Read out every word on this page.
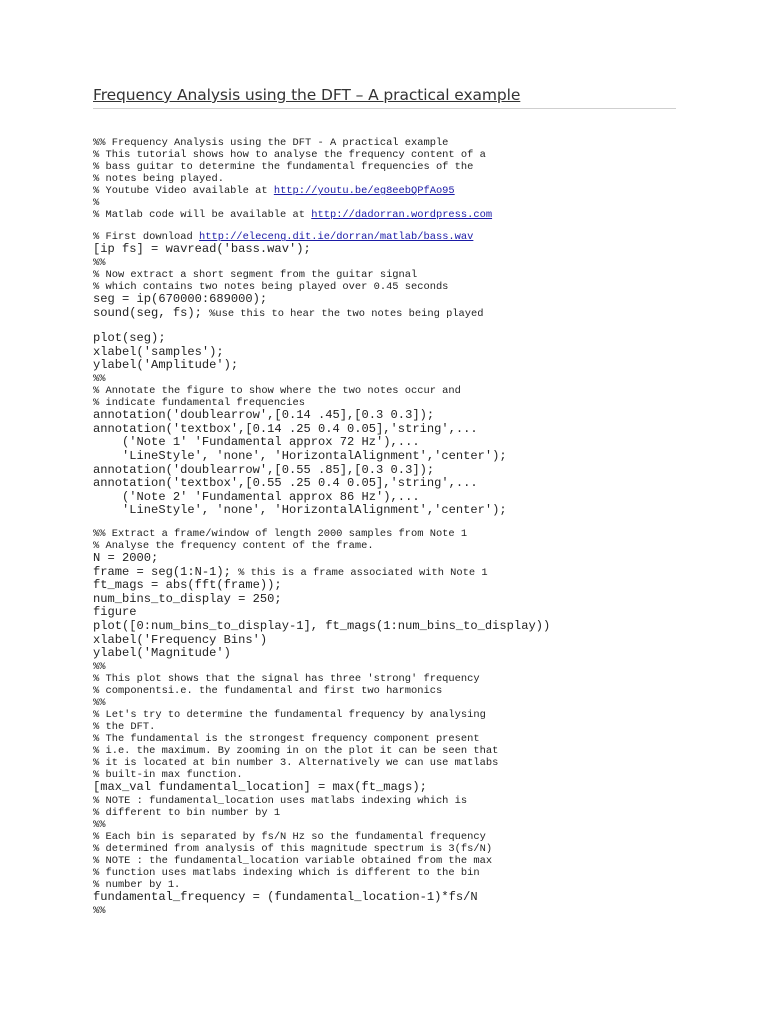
Frequency Analysis using the DFT – A practical example
%% Frequency Analysis using the DFT - A practical example
% This tutorial shows how to analyse the frequency content of a
% bass guitar to determine the fundamental frequencies of the
% notes being played.
% Youtube Video available at http://youtu.be/eg8eebQPfAo95
%
% Matlab code will be available at http://dadorran.wordpress.com
% First download http://eleceng.dit.ie/dorran/matlab/bass.wav
[ip fs] = wavread('bass.wav');
%%
% Now extract a short segment from the guitar signal
% which contains two notes being played over 0.45 seconds
seg = ip(670000:689000);
sound(seg, fs); %use this to hear the two notes being played
plot(seg);
xlabel('samples');
ylabel('Amplitude');
%%
% Annotate the figure to show where the two notes occur and
% indicate fundamental frequencies
annotation('doublearrow',[0.14 .45],[0.3 0.3]);
annotation('textbox',[0.14 .25 0.4 0.05],'string',...
('Note 1' 'Fundamental approx 72 Hz'),...
'LineStyle', 'none', 'HorizontalAlignment','center');
annotation('doublearrow',[0.55 .85],[0.3 0.3]);
annotation('textbox',[0.55 .25 0.4 0.05],'string',...
('Note 2' 'Fundamental approx 86 Hz'),...
'LineStyle', 'none', 'HorizontalAlignment','center');
%% Extract a frame/window of length 2000 samples from Note 1
% Analyse the frequency content of the frame.
N = 2000;
frame = seg(1:N-1); % this is a frame associated with Note 1
ft_mags = abs(fft(frame));
num_bins_to_display = 250;
figure
plot([0:num_bins_to_display-1], ft_mags(1:num_bins_to_display))
xlabel('Frequency Bins')
ylabel('Magnitude')
%%
% This plot shows that the signal has three 'strong' frequency
% componentsi.e. the fundamental and first two harmonics
%%
% Let's try to determine the fundamental frequency by analysing
% the DFT.
% The fundamental is the strongest frequency component present
% i.e. the maximum. By zooming in on the plot it can be seen that
% it is located at bin number 3. Alternatively we can use matlabs
% built-in max function.
[max_val fundamental_location] = max(ft_mags);
% NOTE : fundamental_location uses matlabs indexing which is
% different to bin number by 1
%%
% Each bin is separated by fs/N Hz so the fundamental frequency
% determined from analysis of this magnitude spectrum is 3(fs/N)
% NOTE : the fundamental_location variable obtained from the max
% function uses matlabs indexing which is different to the bin
% number by 1.
fundamental_frequency = (fundamental_location-1)*fs/N
%%
